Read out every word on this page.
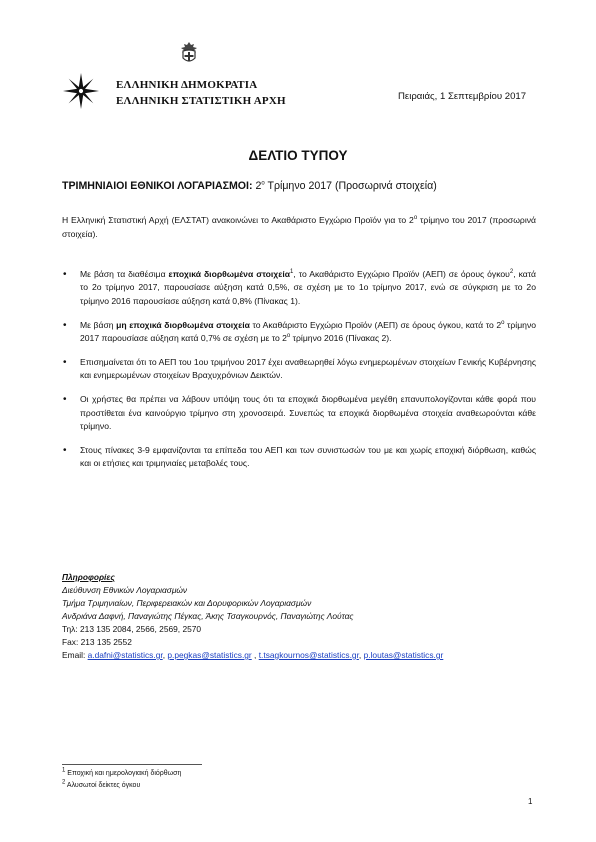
ΕΛΛΗΝΙΚΗ ΔΗΜΟΚΡΑΤΙΑ
ΕΛΛΗΝΙΚΗ ΣΤΑΤΙΣΤΙΚΗ ΑΡΧΗ	Πειραιάς, 1 Σεπτεμβρίου 2017
ΔΕΛΤΙΟ ΤΥΠΟΥ
ΤΡΙΜΗΝΙΑΙΟΙ ΕΘΝΙΚΟΙ ΛΟΓΑΡΙΑΣΜΟΙ: $2^o$ Τρίμηνο 2017 (Προσωρινά στοιχεία)
Η Ελληνική Στατιστική Αρχή (ΕΛΣΤΑΤ) ανακοινώνει το Ακαθάριστο Εγχώριο Προϊόν για το $2^o$ τρίμηνο του 2017 (προσωρινά στοιχεία).
• Με βάση τα διαθέσιμα εποχικά διορθωμένα στοιχεία$^1$, το Ακαθάριστο Εγχώριο Προϊόν (ΑΕΠ) σε όρους όγκου$^2$, κατά το 2ο τρίμηνο 2017, παρουσίασε αύξηση κατά 0,5%, σε σχέση με το 1ο τρίμηνο 2017, ενώ σε σύγκριση με το 2ο τρίμηνο 2016 παρουσίασε αύξηση κατά 0,8% (Πίνακας 1).
• Με βάση μη εποχικά διορθωμένα στοιχεία το Ακαθάριστο Εγχώριο Προϊόν (ΑΕΠ) σε όρους όγκου, κατά το $2^o$ τρίμηνο 2017 παρουσίασε αύξηση κατά 0,7% σε σχέση με το $2^o$ τρίμηνο 2016 (Πίνακας 2).
• Επισημαίνεται ότι το ΑΕΠ του 1ου τριμήνου 2017 έχει αναθεωρηθεί λόγω ενημερωμένων στοιχείων Γενικής Κυβέρνησης και ενημερωμένων στοιχείων Βραχυχρόνιων Δεικτών.
• Οι χρήστες θα πρέπει να λάβουν υπόψη τους ότι τα εποχικά διορθωμένα μεγέθη επανυπολογίζονται κάθε φορά που προστίθεται ένα καινούργιο τρίμηνο στη χρονοσειρά. Συνεπώς τα εποχικά διορθωμένα στοιχεία αναθεωρούνται κάθε τρίμηνο.
• Στους πίνακες 3-9 εμφανίζονται τα επίπεδα του ΑΕΠ και των συνιστωσών του με και χωρίς εποχική διόρθωση, καθώς και οι ετήσιες και τριμηνιαίες μεταβολές τους.
Πληροφορίες
Διεύθυνση Εθνικών Λογαριασμών
Τμήμα Τριμηνιαίων, Περιφερειακών και Δορυφορικών Λογαριασμών
Ανδριάνα Δαφνή, Παναγιώτης Πέγκας, Άκης Τσαγκουρνός, Παναγιώτης Λούτας
Τηλ: 213 135 2084, 2566, 2569, 2570
Fax: 213 135 2552
Email: a.dafni@statistics.gr, p.pegkas@statistics.gr , t.tsagkournos@statistics.gr, p.loutas@statistics.gr
$^1$ Εποχική και ημερολογιακή διόρθωση
$^2$ Αλυσωτοί δείκτες όγκου
1
